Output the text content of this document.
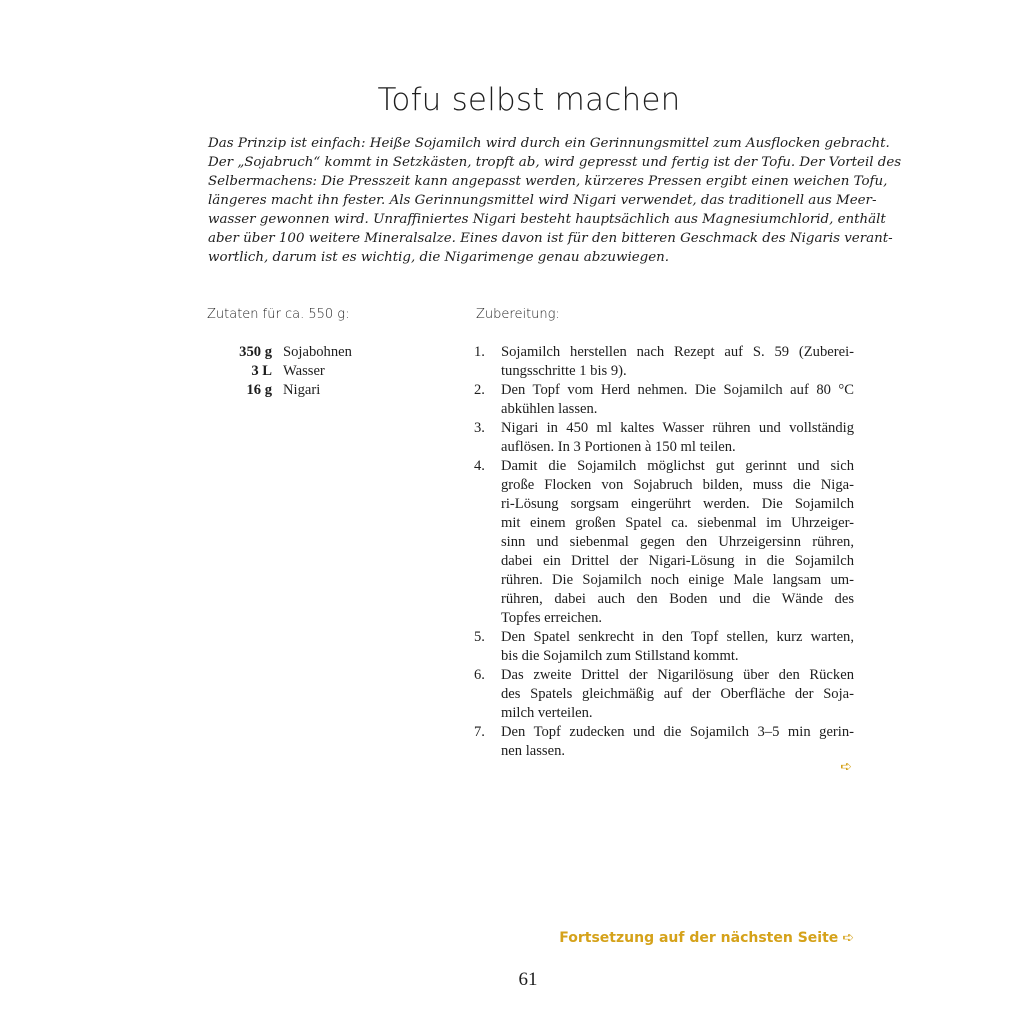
Tofu selbst machen

Das Prinzip ist einfach: Heiße Sojamilch wird durch ein Gerinnungsmittel zum Ausflocken gebracht.
Der „Sojabruch“ kommt in Setzkästen, tropft ab, wird gepresst und fertig ist der Tofu. Der Vorteil des
Selbermachens: Die Presszeit kann angepasst werden, kürzeres Pressen ergibt einen weichen Tofu,
längeres macht ihn fester. Als Gerinnungsmittel wird Nigari verwendet, das traditionell aus Meer-
wasser gewonnen wird. Unraffiniertes Nigari besteht hauptsächlich aus Magnesiumchlorid, enthält
aber über 100 weitere Mineralsalze. Eines davon ist für den bitteren Geschmack des Nigaris verant-
wortlich, darum ist es wichtig, die Nigarimenge genau abzuwiegen.

Zutaten für ca. 550 g:	Zubereitung:
350 g Sojabohnen
3 L Wasser
16 g Nigari
1.	Sojamilch herstellen nach Rezept auf S. 59 (Zuberei-
tungsschritte 1 bis 9).
2.	Den Topf vom Herd nehmen. Die Sojamilch auf 80 °C
abkühlen lassen.
3.	Nigari in 450 ml kaltes Wasser rühren und vollständig
auflösen. In 3 Portionen à 150 ml teilen.
4.	Damit die Sojamilch möglichst gut gerinnt und sich
große Flocken von Sojabruch bilden, muss die Niga-
ri-Lösung sorgsam eingerührt werden. Die Sojamilch
mit einem großen Spatel ca. siebenmal im Uhrzeiger-
sinn und siebenmal gegen den Uhrzeigersinn rühren,
dabei ein Drittel der Nigari-Lösung in die Sojamilch
rühren. Die Sojamilch noch einige Male langsam um-
rühren, dabei auch den Boden und die Wände des
Topfes erreichen.
5.	Den Spatel senkrecht in den Topf stellen, kurz warten,
bis die Sojamilch zum Stillstand kommt.
6.	Das zweite Drittel der Nigarilösung über den Rücken
des Spatels gleichmäßig auf der Oberfläche der Soja-
milch verteilen.
7.	Den Topf zudecken und die Sojamilch 3–5 min gerin-
nen lassen.
➪
Fortsetzung auf der nächsten Seite ➪
61
